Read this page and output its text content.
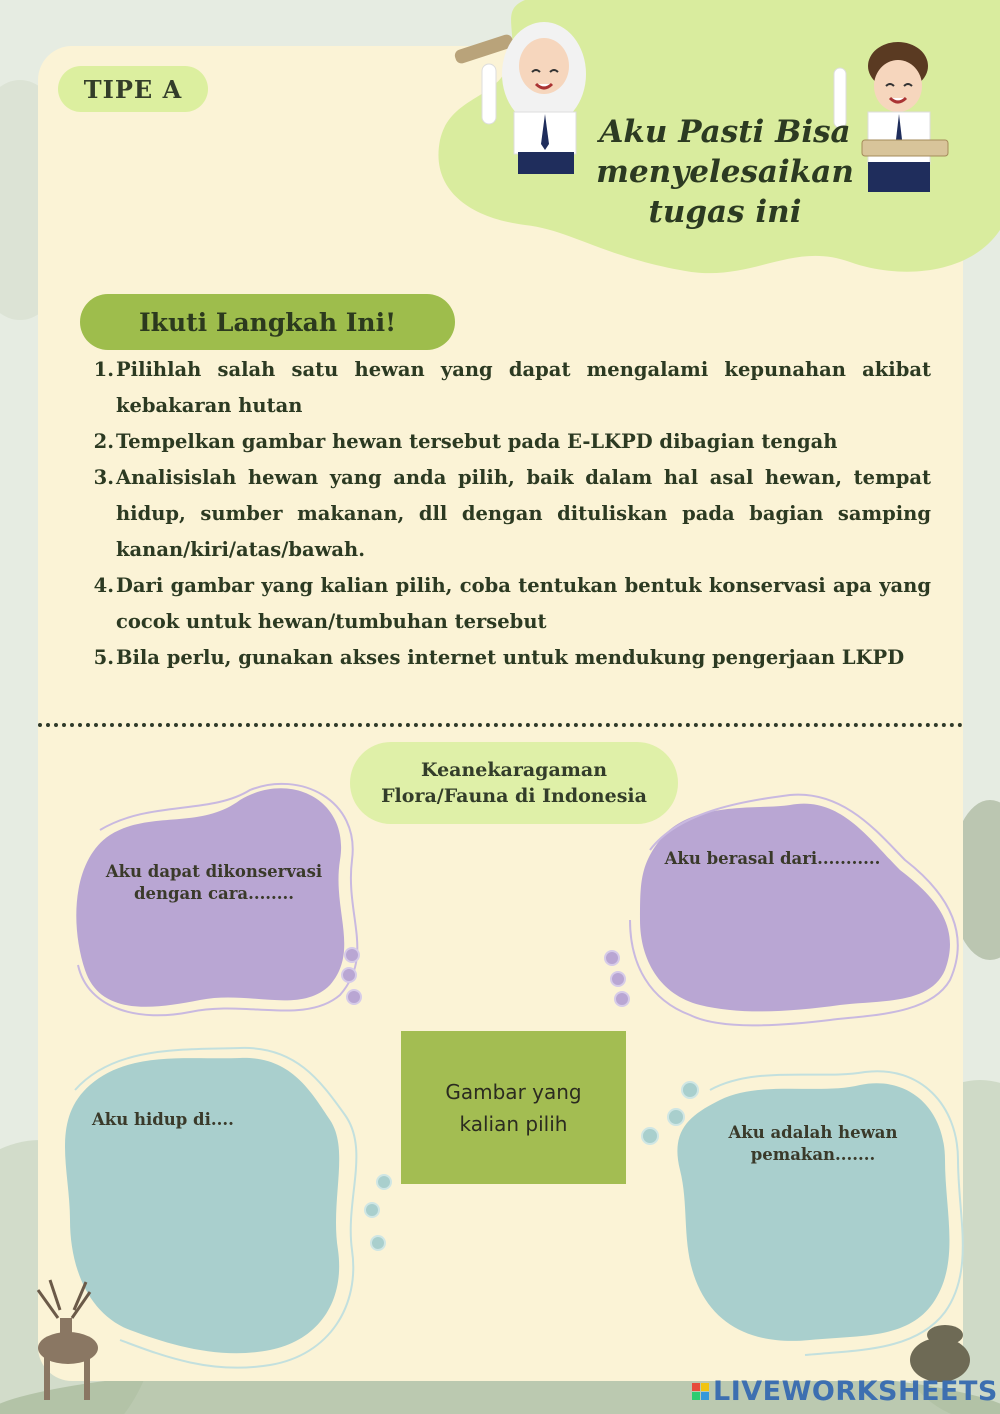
TIPE A
Aku Pasti Bisa menyelesaikan tugas ini
Ikuti Langkah Ini!
1. Pilihlah salah satu hewan yang dapat mengalami kepunahan akibat kebakaran hutan
2. Tempelkan gambar hewan tersebut pada E-LKPD dibagian tengah
3. Analisislah hewan yang anda pilih, baik dalam hal asal hewan, tempat hidup, sumber makanan, dll dengan dituliskan pada bagian samping kanan/kiri/atas/bawah.
4. Dari gambar yang kalian pilih, coba tentukan bentuk konservasi apa yang cocok untuk hewan/tumbuhan tersebut
5. Bila perlu, gunakan akses internet untuk mendukung pengerjaan LKPD
Keanekaragaman
Flora/Fauna di Indonesia
Aku dapat dikonservasi dengan cara........
Aku berasal dari...........
Aku hidup di....
Aku adalah hewan pemakan.......
Gambar yang
kalian pilih
LIVEWORKSHEETS
